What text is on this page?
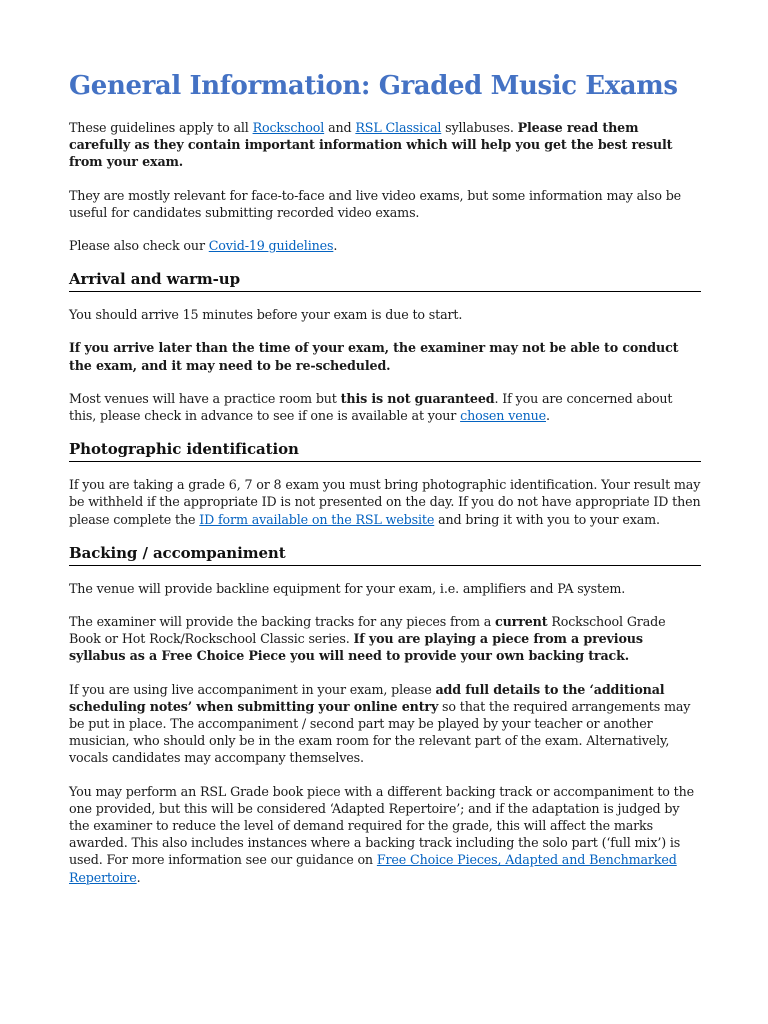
General Information: Graded Music Exams

These guidelines apply to all Rockschool and RSL Classical syllabuses. Please read them carefully as they contain important information which will help you get the best result from your exam.

They are mostly relevant for face-to-face and live video exams, but some information may also be useful for candidates submitting recorded video exams.

Please also check our Covid-19 guidelines.

Arrival and warm-up

You should arrive 15 minutes before your exam is due to start.

If you arrive later than the time of your exam, the examiner may not be able to conduct the exam, and it may need to be re-scheduled.

Most venues will have a practice room but this is not guaranteed. If you are concerned about this, please check in advance to see if one is available at your chosen venue.

Photographic identification

If you are taking a grade 6, 7 or 8 exam you must bring photographic identification. Your result may be withheld if the appropriate ID is not presented on the day. If you do not have appropriate ID then please complete the ID form available on the RSL website and bring it with you to your exam.

Backing / accompaniment

The venue will provide backline equipment for your exam, i.e. amplifiers and PA system.

The examiner will provide the backing tracks for any pieces from a current Rockschool Grade Book or Hot Rock/Rockschool Classic series. If you are playing a piece from a previous syllabus as a Free Choice Piece you will need to provide your own backing track.

If you are using live accompaniment in your exam, please add full details to the ‘additional scheduling notes’ when submitting your online entry so that the required arrangements may be put in place. The accompaniment / second part may be played by your teacher or another musician, who should only be in the exam room for the relevant part of the exam. Alternatively, vocals candidates may accompany themselves.

You may perform an RSL Grade book piece with a different backing track or accompaniment to the one provided, but this will be considered ‘Adapted Repertoire’; and if the adaptation is judged by the examiner to reduce the level of demand required for the grade, this will affect the marks awarded. This also includes instances where a backing track including the solo part (‘full mix’) is used. For more information see our guidance on Free Choice Pieces, Adapted and Benchmarked Repertoire.
